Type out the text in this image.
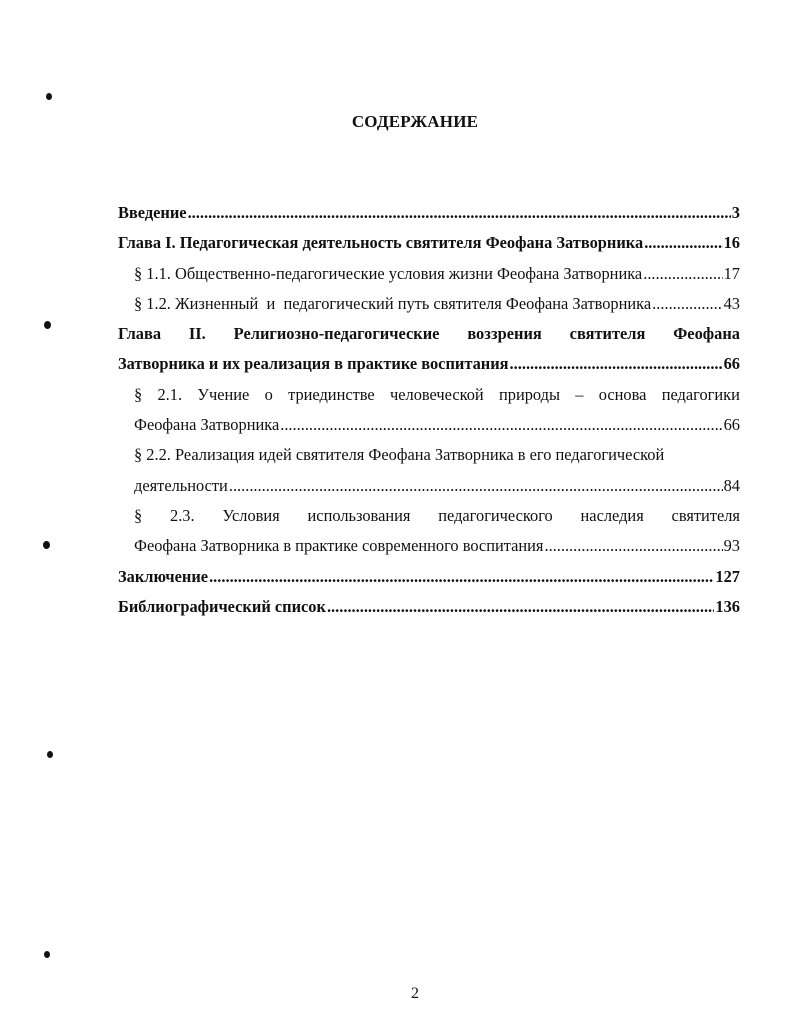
СОДЕРЖАНИЕ
Введение .....	3
Глава I. Педагогическая деятельность святителя Феофана Затворника .....	16
§ 1.1. Общественно-педагогические условия жизни Феофана Затворника .....	17
§ 1.2. Жизненный  и  педагогический путь святителя Феофана Затворника .....	43
Глава II. Религиозно-педагогические воззрения святителя Феофана
Затворника и их реализация в практике воспитания .....	66
§ 2.1. Учение о триединстве человеческой природы – основа педагогики
Феофана Затворника .....	66
§ 2.2. Реализация идей святителя Феофана Затворника в его педагогической
деятельности .....	84
§ 2.3. Условия использования педагогического наследия святителя
Феофана Затворника в практике современного воспитания .....	93
Заключение .....	127
Библиографический список .....	136
2
